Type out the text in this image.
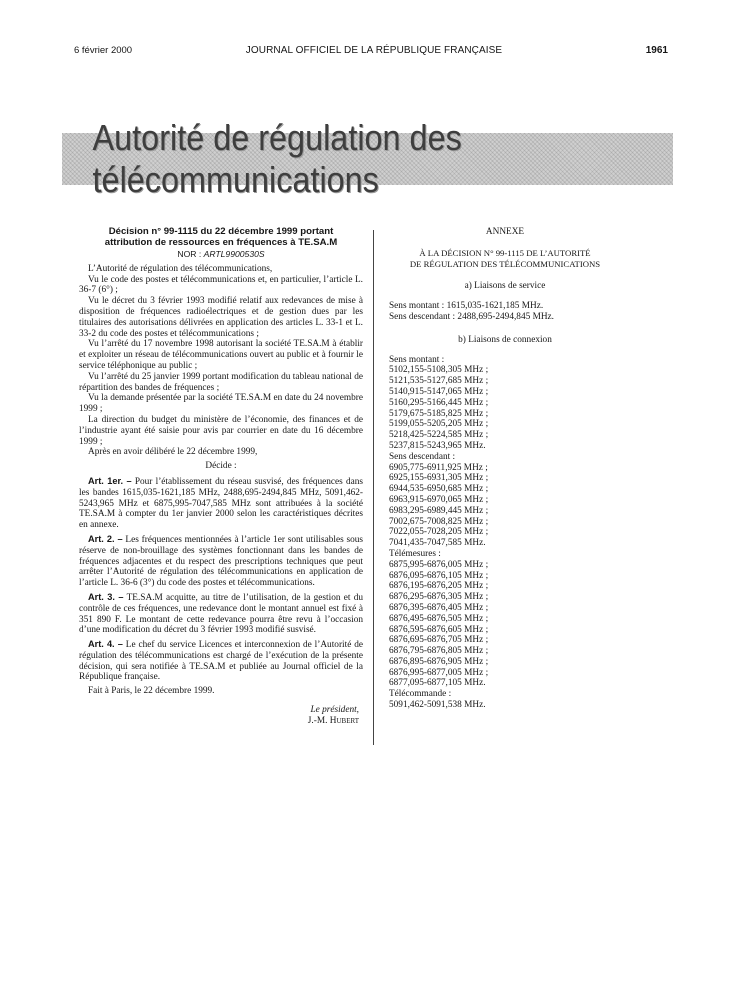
6 février 2000	JOURNAL OFFICIEL DE LA RÉPUBLIQUE FRANÇAISE	1961
Autorité de régulation des télécommunications
Décision n° 99-1115 du 22 décembre 1999 portant
attribution de ressources en fréquences à TE.SA.M
NOR : ARTL9900530S

L’Autorité de régulation des télécommunications,

Vu le code des postes et télécommunications et, en particulier, l’article L. 36-7 (6°) ;

Vu le décret du 3 février 1993 modifié relatif aux redevances de mise à disposition de fréquences radioélectriques et de gestion dues par les titulaires des autorisations délivrées en application des articles L. 33-1 et L. 33-2 du code des postes et télécommunications ;

Vu l’arrêté du 17 novembre 1998 autorisant la société TE.SA.M à établir et exploiter un réseau de télécommunications ouvert au public et à fournir le service téléphonique au public ;

Vu l’arrêté du 25 janvier 1999 portant modification du tableau national de répartition des bandes de fréquences ;

Vu la demande présentée par la société TE.SA.M en date du 24 novembre 1999 ;

La direction du budget du ministère de l’économie, des finances et de l’industrie ayant été saisie pour avis par courrier en date du 16 décembre 1999 ;

Après en avoir délibéré le 22 décembre 1999,

Décide :

Art. 1er. – Pour l’établissement du réseau susvisé, des fréquences dans les bandes 1615,035-1621,185 MHz, 2488,695-2494,845 MHz, 5091,462-5243,965 MHz et 6875,995-7047,585 MHz sont attribuées à la société TE.SA.M à compter du 1er janvier 2000 selon les caractéristiques décrites en annexe.

Art. 2. – Les fréquences mentionnées à l’article 1er sont utilisables sous réserve de non-brouillage des systèmes fonctionnant dans les bandes de fréquences adjacentes et du respect des prescriptions techniques que peut arrêter l’Autorité de régulation des télécommunications en application de l’article L. 36-6 (3°) du code des postes et télécommunications.

Art. 3. – TE.SA.M acquitte, au titre de l’utilisation, de la gestion et du contrôle de ces fréquences, une redevance dont le montant annuel est fixé à 351 890 F. Le montant de cette redevance pourra être revu à l’occasion d’une modification du décret du 3 février 1993 modifié susvisé.

Art. 4. – Le chef du service Licences et interconnexion de l’Autorité de régulation des télécommunications est chargé de l’exécution de la présente décision, qui sera notifiée à TE.SA.M et publiée au Journal officiel de la République française.

Fait à Paris, le 22 décembre 1999.

Le président,
J.-M. Hubert

ANNEXE

À LA DÉCISION N° 99-1115 DE L’AUTORITÉ
DE RÉGULATION DES TÉLÉCOMMUNICATIONS
a) Liaisons de service
Sens montant : 1615,035-1621,185 MHz.
Sens descendant : 2488,695-2494,845 MHz.
b) Liaisons de connexion
Sens montant :
5102,155-5108,305 MHz ;
5121,535-5127,685 MHz ;
5140,915-5147,065 MHz ;
5160,295-5166,445 MHz ;
5179,675-5185,825 MHz ;
5199,055-5205,205 MHz ;
5218,425-5224,585 MHz ;
5237,815-5243,965 MHz.
Sens descendant :
6905,775-6911,925 MHz ;
6925,155-6931,305 MHz ;
6944,535-6950,685 MHz ;
6963,915-6970,065 MHz ;
6983,295-6989,445 MHz ;
7002,675-7008,825 MHz ;
7022,055-7028,205 MHz ;
7041,435-7047,585 MHz.
Télémesures :
6875,995-6876,005 MHz ;
6876,095-6876,105 MHz ;
6876,195-6876,205 MHz ;
6876,295-6876,305 MHz ;
6876,395-6876,405 MHz ;
6876,495-6876,505 MHz ;
6876,595-6876,605 MHz ;
6876,695-6876,705 MHz ;
6876,795-6876,805 MHz ;
6876,895-6876,905 MHz ;
6876,995-6877,005 MHz ;
6877,095-6877,105 MHz.
Télécommande :
5091,462-5091,538 MHz.
